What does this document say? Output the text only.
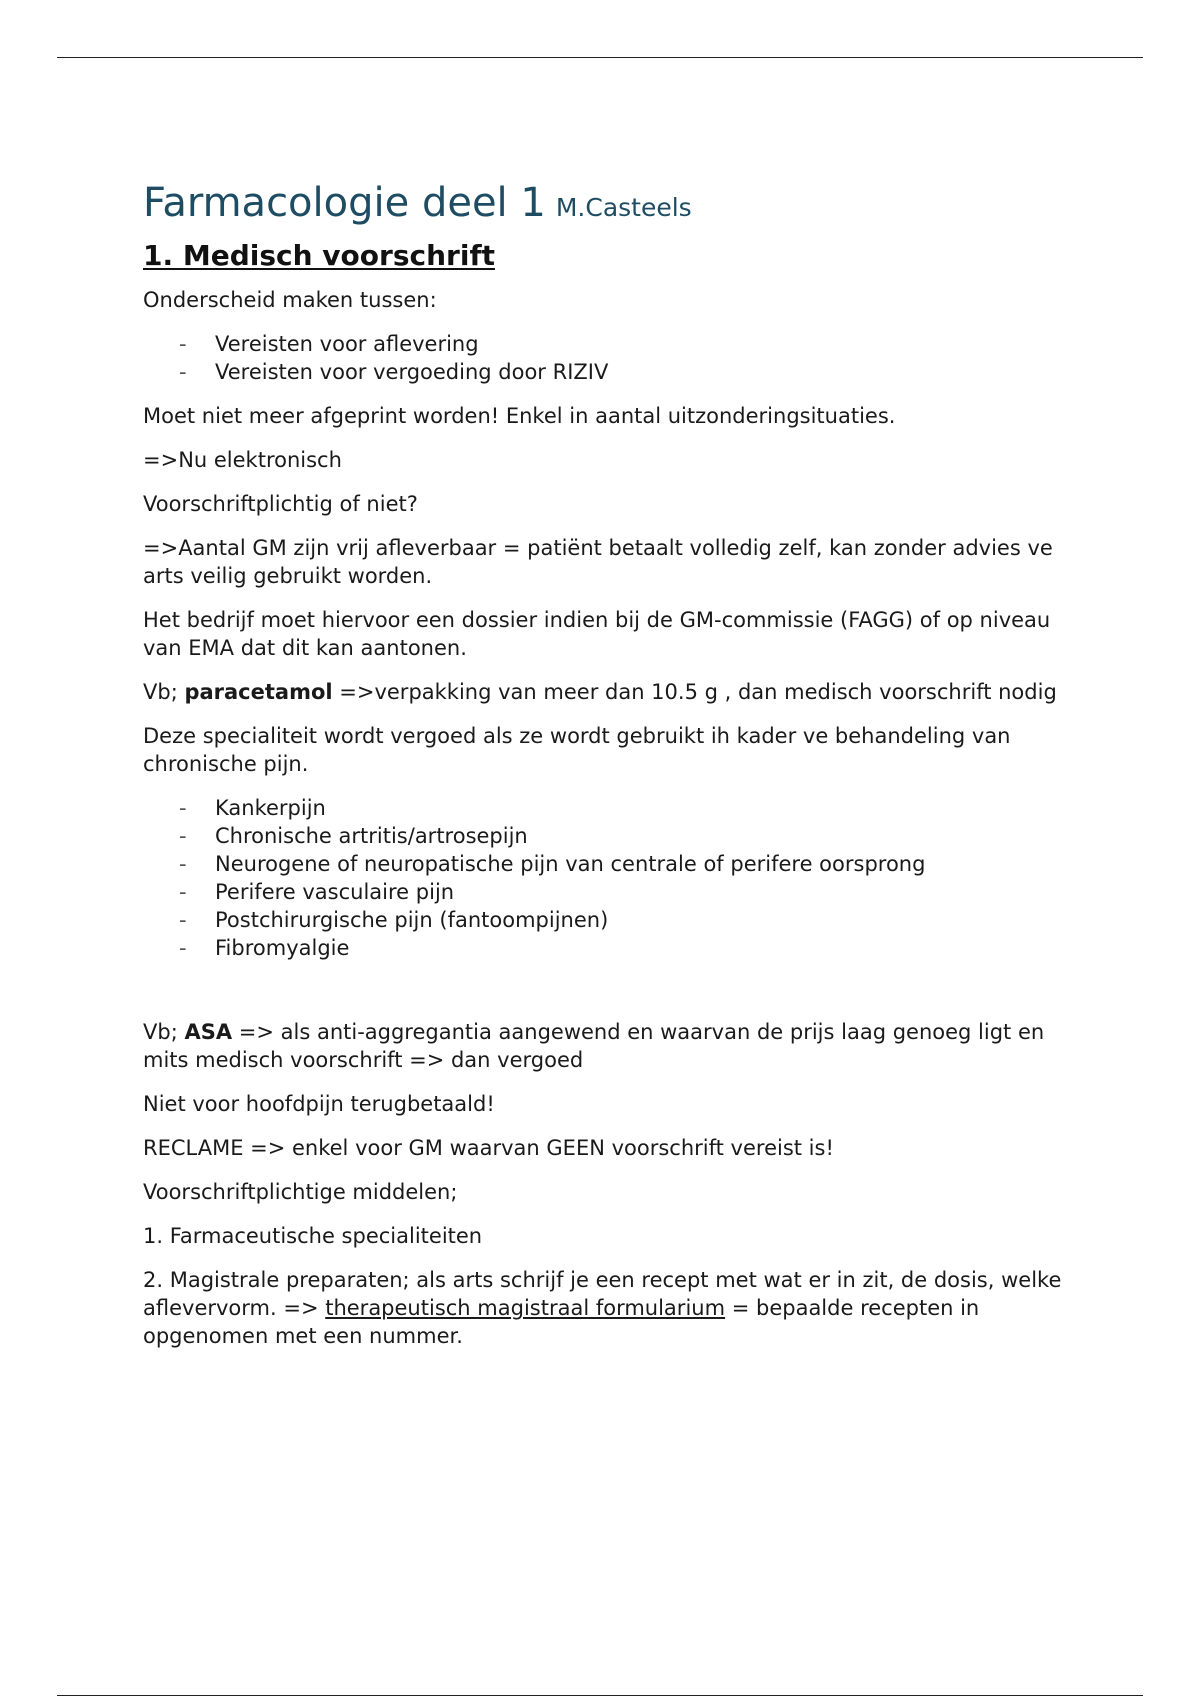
Farmacologie deel 1 M.Casteels
1. Medisch voorschrift

Onderscheid maken tussen:

- Vereisten voor aflevering
- Vereisten voor vergoeding door RIZIV

Moet niet meer afgeprint worden! Enkel in aantal uitzonderingsituaties.

=>Nu elektronisch

Voorschriftplichtig of niet?

=>Aantal GM zijn vrij afleverbaar = patiënt betaalt volledig zelf, kan zonder advies ve arts veilig gebruikt worden.

Het bedrijf moet hiervoor een dossier indien bij de GM-commissie (FAGG) of op niveau van EMA dat dit kan aantonen.

Vb; paracetamol =>verpakking van meer dan 10.5 g , dan medisch voorschrift nodig

Deze specialiteit wordt vergoed als ze wordt gebruikt ih kader ve behandeling van chronische pijn.

- Kankerpijn
- Chronische artritis/artrosepijn
- Neurogene of neuropatische pijn van centrale of perifere oorsprong
- Perifere vasculaire pijn
- Postchirurgische pijn (fantoompijnen)
- Fibromyalgie

Vb; ASA => als anti-aggregantia aangewend en waarvan de prijs laag genoeg ligt en mits medisch voorschrift => dan vergoed

Niet voor hoofdpijn terugbetaald!

RECLAME => enkel voor GM waarvan GEEN voorschrift vereist is!

Voorschriftplichtige middelen;

1. Farmaceutische specialiteiten

2. Magistrale preparaten; als arts schrijf je een recept met wat er in zit, de dosis, welke aflevervorm. => therapeutisch magistraal formularium = bepaalde recepten in opgenomen met een nummer.
